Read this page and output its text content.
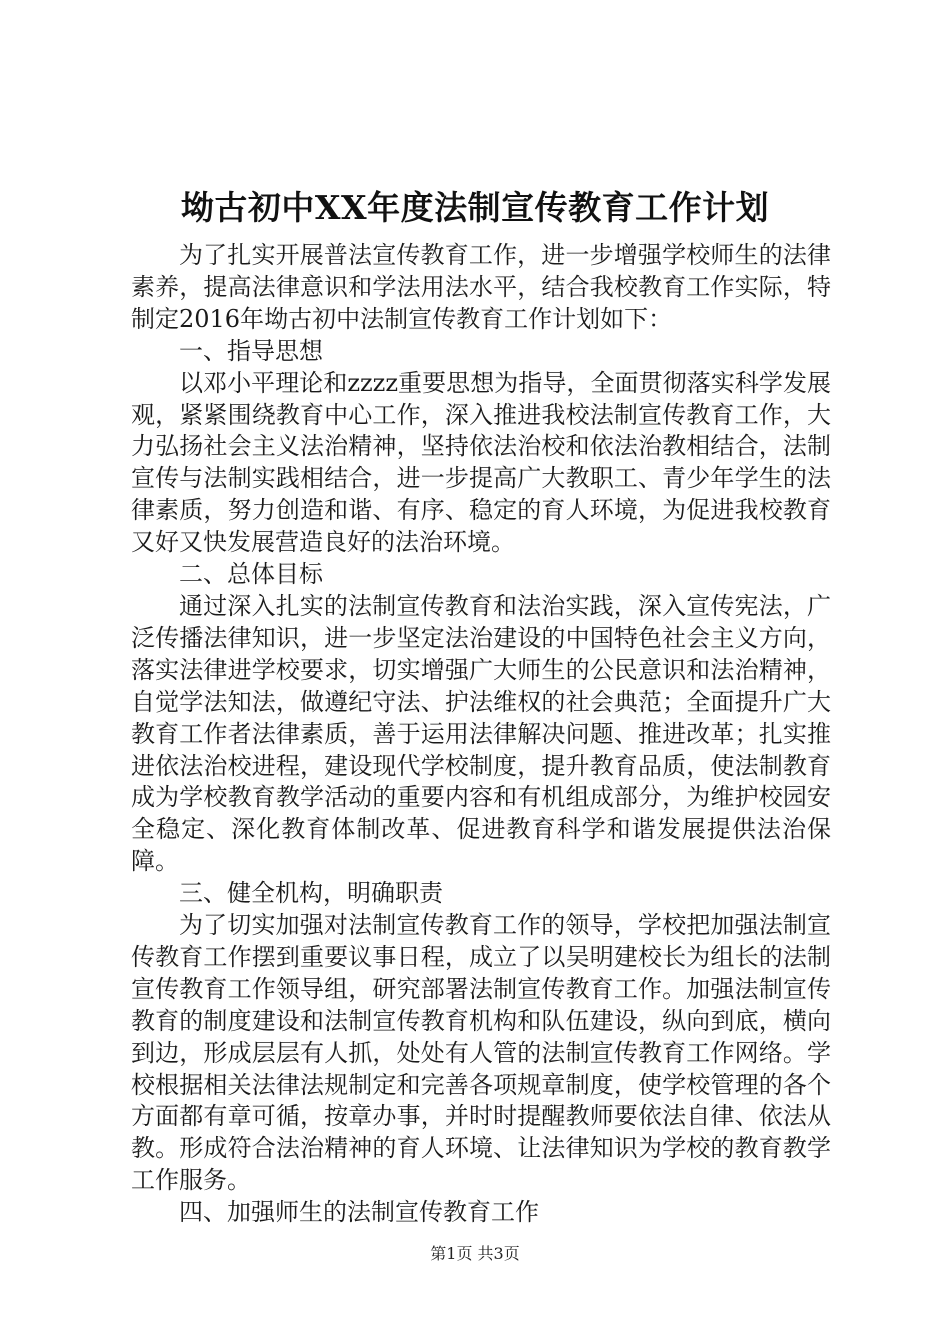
坳古初中XX年度法制宣传教育工作计划

为了扎实开展普法宣传教育工作，进一步增强学校师生的法律素养，提高法律意识和学法用法水平，结合我校教育工作实际，特制定2016年坳古初中法制宣传教育工作计划如下：

一、指导思想

以邓小平理论和zzzz重要思想为指导，全面贯彻落实科学发展观，紧紧围绕教育中心工作，深入推进我校法制宣传教育工作，大力弘扬社会主义法治精神，坚持依法治校和依法治教相结合，法制宣传与法制实践相结合，进一步提高广大教职工、青少年学生的法律素质，努力创造和谐、有序、稳定的育人环境，为促进我校教育又好又快发展营造良好的法治环境。

二、总体目标

通过深入扎实的法制宣传教育和法治实践，深入宣传宪法，广泛传播法律知识，进一步坚定法治建设的中国特色社会主义方向，落实法律进学校要求，切实增强广大师生的公民意识和法治精神，自觉学法知法，做遵纪守法、护法维权的社会典范；全面提升广大教育工作者法律素质，善于运用法律解决问题、推进改革；扎实推进依法治校进程，建设现代学校制度，提升教育品质，使法制教育成为学校教育教学活动的重要内容和有机组成部分，为维护校园安全稳定、深化教育体制改革、促进教育科学和谐发展提供法治保障。

三、健全机构，明确职责

为了切实加强对法制宣传教育工作的领导，学校把加强法制宣传教育工作摆到重要议事日程，成立了以吴明建校长为组长的法制宣传教育工作领导组，研究部署法制宣传教育工作。加强法制宣传教育的制度建设和法制宣传教育机构和队伍建设，纵向到底，横向到边，形成层层有人抓，处处有人管的法制宣传教育工作网络。学校根据相关法律法规制定和完善各项规章制度，使学校管理的各个方面都有章可循，按章办事，并时时提醒教师要依法自律、依法从教。形成符合法治精神的育人环境、让法律知识为学校的教育教学工作服务。

四、加强师生的法制宣传教育工作

第1页 共3页
